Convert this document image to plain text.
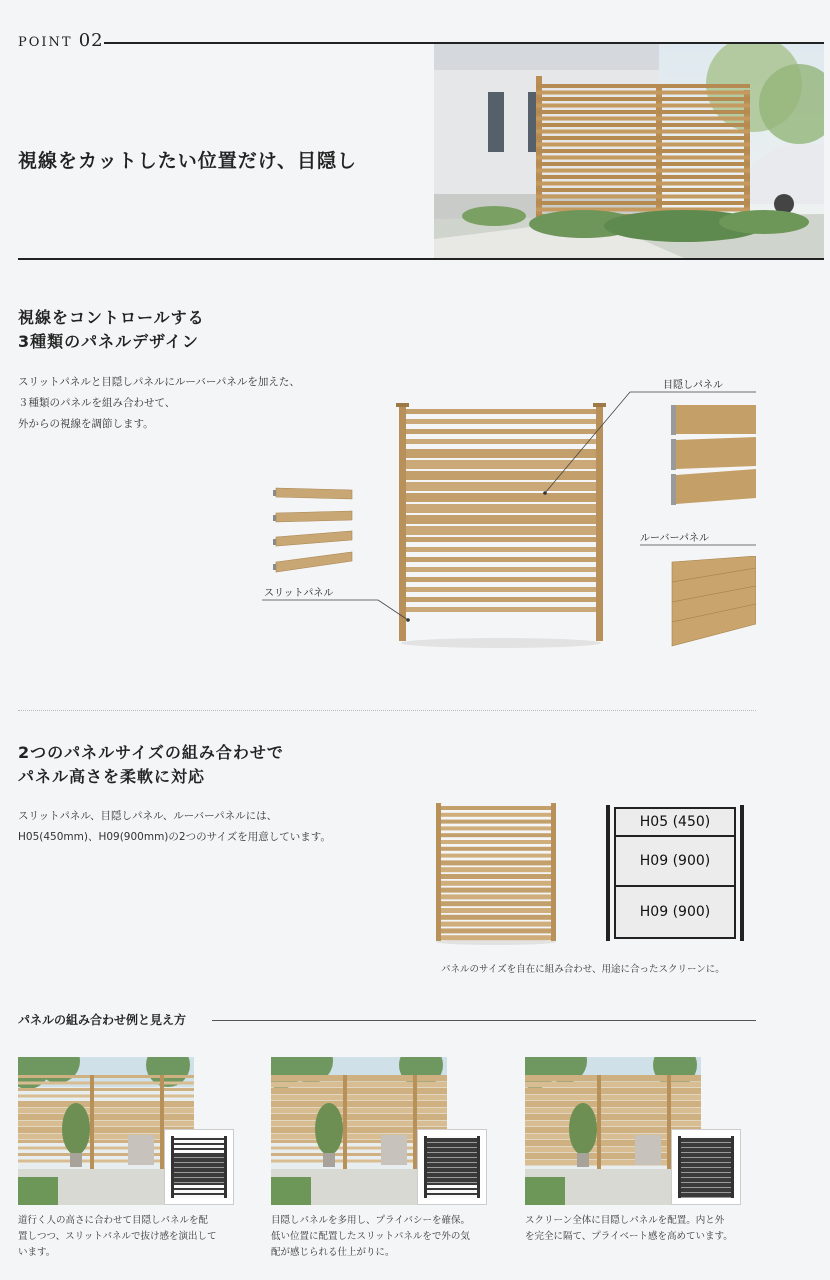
POINT 02
視線をカットしたい位置だけ、目隠し
視線をコントロールする
3種類のパネルデザイン

スリットパネルと目隠しパネルにルーバーパネルを加えた、
３種類のパネルを組み合わせて、
外からの視線を調節します。

目隠しパネル
ルーバーパネル
スリットパネル
2つのパネルサイズの組み合わせで
パネル高さを柔軟に対応

スリットパネル、目隠しパネル、ルーバーパネルには、
H05(450mm)、H09(900mm)の2つのサイズを用意しています。

H05 (450)
H09 (900)
H09 (900)
パネルのサイズを自在に組み合わせ、用途に合ったスクリーンに。
パネルの組み合わせ例と見え方
道行く人の高さに合わせて目隠しパネルを配
置しつつ、スリットパネルで抜け感を演出して
います。
目隠しパネルを多用し、プライバシーを確保。
低い位置に配置したスリットパネルをで外の気
配が感じられる仕上がりに。
スクリーン全体に目隠しパネルを配置。内と外
を完全に隔て、プライベート感を高めています。
